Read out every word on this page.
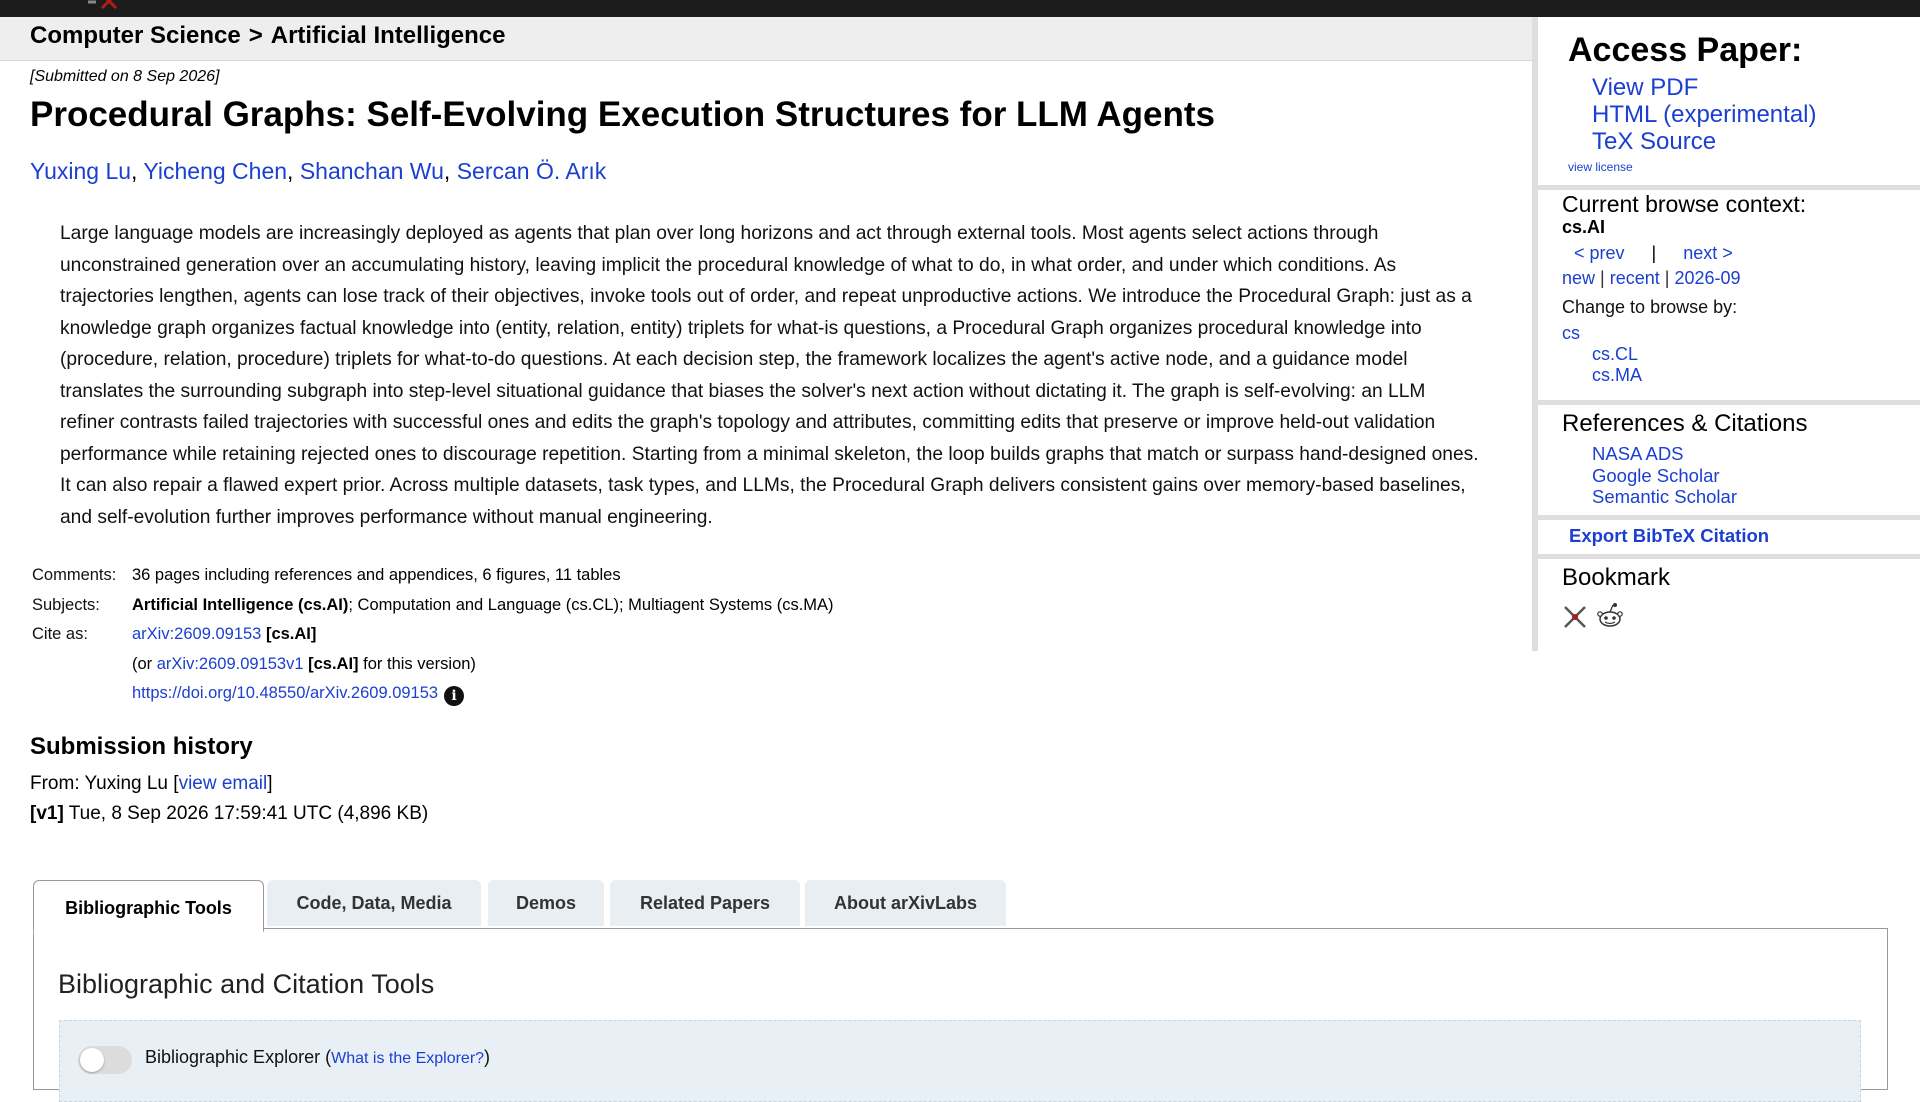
Computer Science > Artificial Intelligence
[Submitted on 8 Sep 2026]
Procedural Graphs: Self-Evolving Execution Structures for LLM Agents
Yuxing Lu, Yicheng Chen, Shanchan Wu, Sercan Ö. Arık

Large language models are increasingly deployed as agents that plan over long horizons and act through external tools. Most agents select actions through unconstrained generation over an accumulating history, leaving implicit the procedural knowledge of what to do, in what order, and under which conditions. As trajectories lengthen, agents can lose track of their objectives, invoke tools out of order, and repeat unproductive actions. We introduce the Procedural Graph: just as a knowledge graph organizes factual knowledge into (entity, relation, entity) triplets for what-is questions, a Procedural Graph organizes procedural knowledge into (procedure, relation, procedure) triplets for what-to-do questions. At each decision step, the framework localizes the agent's active node, and a guidance model translates the surrounding subgraph into step-level situational guidance that biases the solver's next action without dictating it. The graph is self-evolving: an LLM refiner contrasts failed trajectories with successful ones and edits the graph's topology and attributes, committing edits that preserve or improve held-out validation performance while retaining rejected ones to discourage repetition. Starting from a minimal skeleton, the loop builds graphs that match or surpass hand-designed ones. It can also repair a flawed expert prior. Across multiple datasets, task types, and LLMs, the Procedural Graph delivers consistent gains over memory-based baselines, and self-evolution further improves performance without manual engineering.

Comments:	36 pages including references and appendices, 6 figures, 11 tables
Subjects:	Artificial Intelligence (cs.AI); Computation and Language (cs.CL); Multiagent Systems (cs.MA)
Cite as:	arXiv:2609.09153 [cs.AI]
	(or arXiv:2609.09153v1 [cs.AI] for this version)
	https://doi.org/10.48550/arXiv.2609.09153 i
Submission history
From: Yuxing Lu [view email]
[v1] Tue, 8 Sep 2026 17:59:41 UTC (4,896 KB)
Bibliographic Tools	Code, Data, Media	Demos	Related Papers	About arXivLabs
Bibliographic and Citation Tools
Bibliographic Explorer (What is the Explorer?)
Access Paper:
View PDF
HTML (experimental)
TeX Source
view license
Current browse context:
cs.AI
< prev | next >
new | recent | 2026-09
Change to browse by:
cs
cs.CL
cs.MA
References & Citations
NASA ADS
Google Scholar
Semantic Scholar
Export BibTeX Citation
Bookmark
